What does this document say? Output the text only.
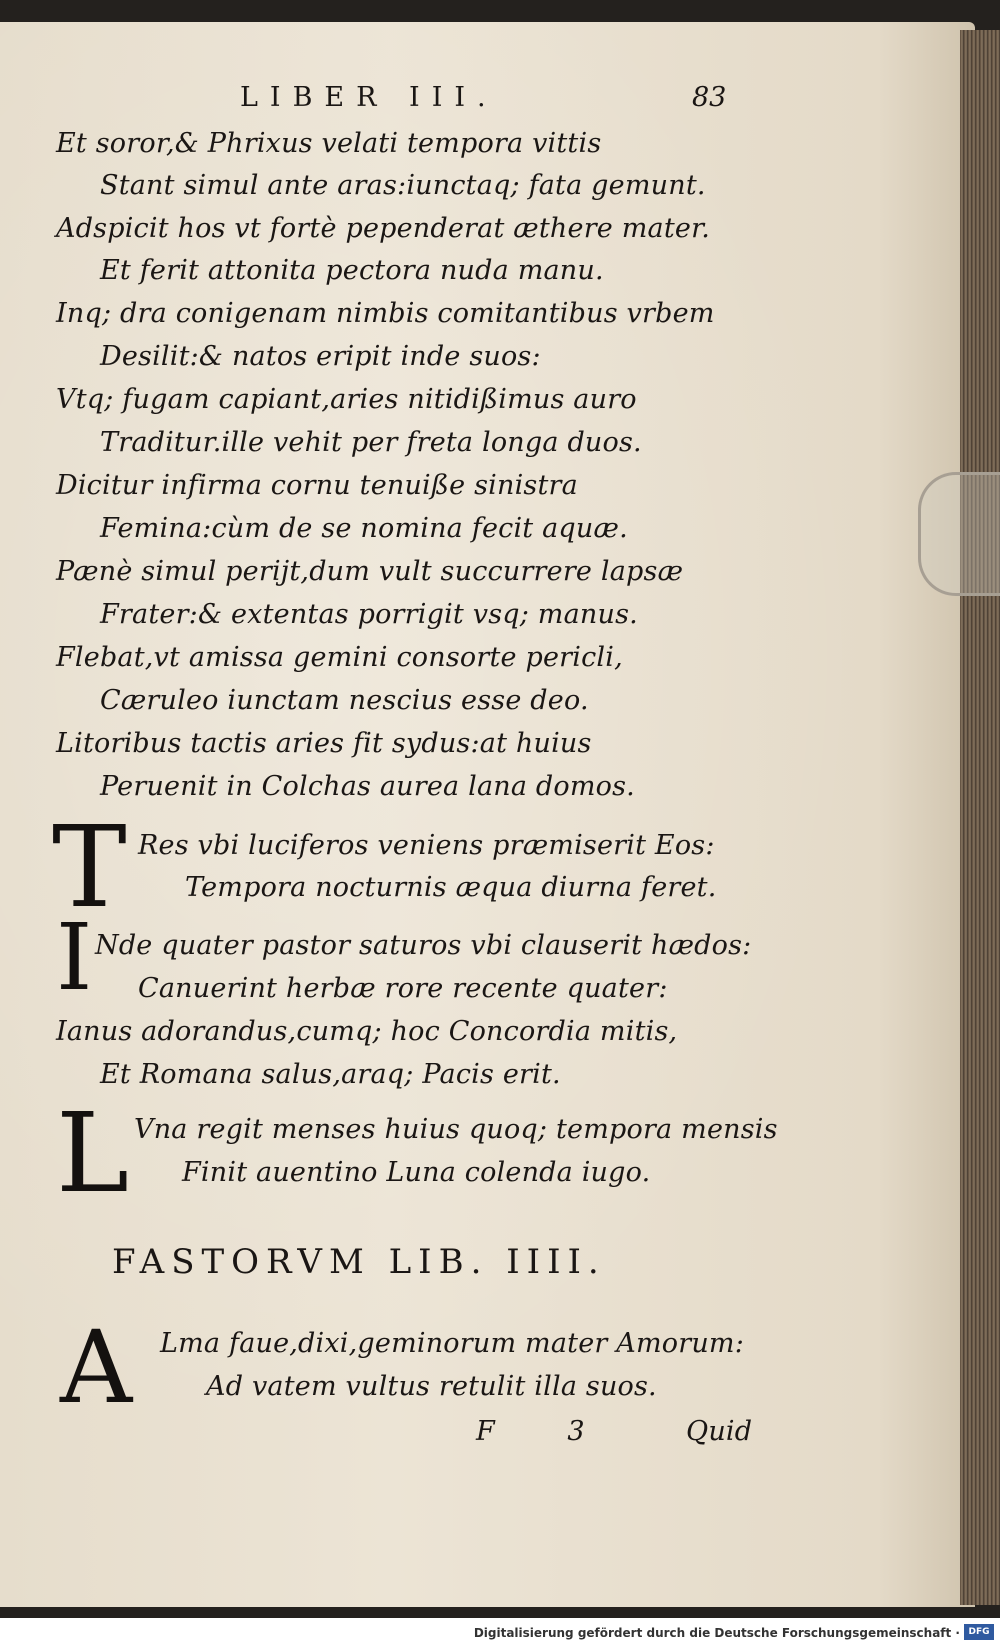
LIBER III.	83
Et soror,& Phrixus velati tempora vittis
Stant simul ante aras:iunctaq; fata gemunt.
Adspicit hos vt fortè pependerat æthere mater.
Et ferit attonita pectora nuda manu.
Inq; dra conigenam nimbis comitantibus vrbem
Desilit:& natos eripit inde suos:
Vtq; fugam capiant,aries nitidißimus auro
Traditur.ille vehit per freta longa duos.
Dicitur infirma cornu tenuiße sinistra
Femina:cùm de se nomina fecit aquæ.
Pænè simul perijt,dum vult succurrere lapsæ
Frater:& extentas porrigit vsq; manus.
Flebat,vt amissa gemini consorte pericli,
Cæruleo iunctam nescius esse deo.
Litoribus tactis aries fit sydus:at huius
Peruenit in Colchas aurea lana domos.
T Res vbi luciferos veniens præmiserit Eos:
Tempora nocturnis æqua diurna feret.
I Nde quater pastor saturos vbi clauserit hædos:
Canuerint herbæ rore recente quater:
Ianus adorandus,cumq; hoc Concordia mitis,
Et Romana salus,araq; Pacis erit.
L Vna regit menses huius quoq; tempora mensis
Finit auentino Luna colenda iugo.
FASTORVM LIB. IIII.
A Lma faue,dixi,geminorum mater Amorum:
Ad vatem vultus retulit illa suos.
F 3	Quid
Digitalisierung gefördert durch die Deutsche Forschungsgemeinschaft · DFG
